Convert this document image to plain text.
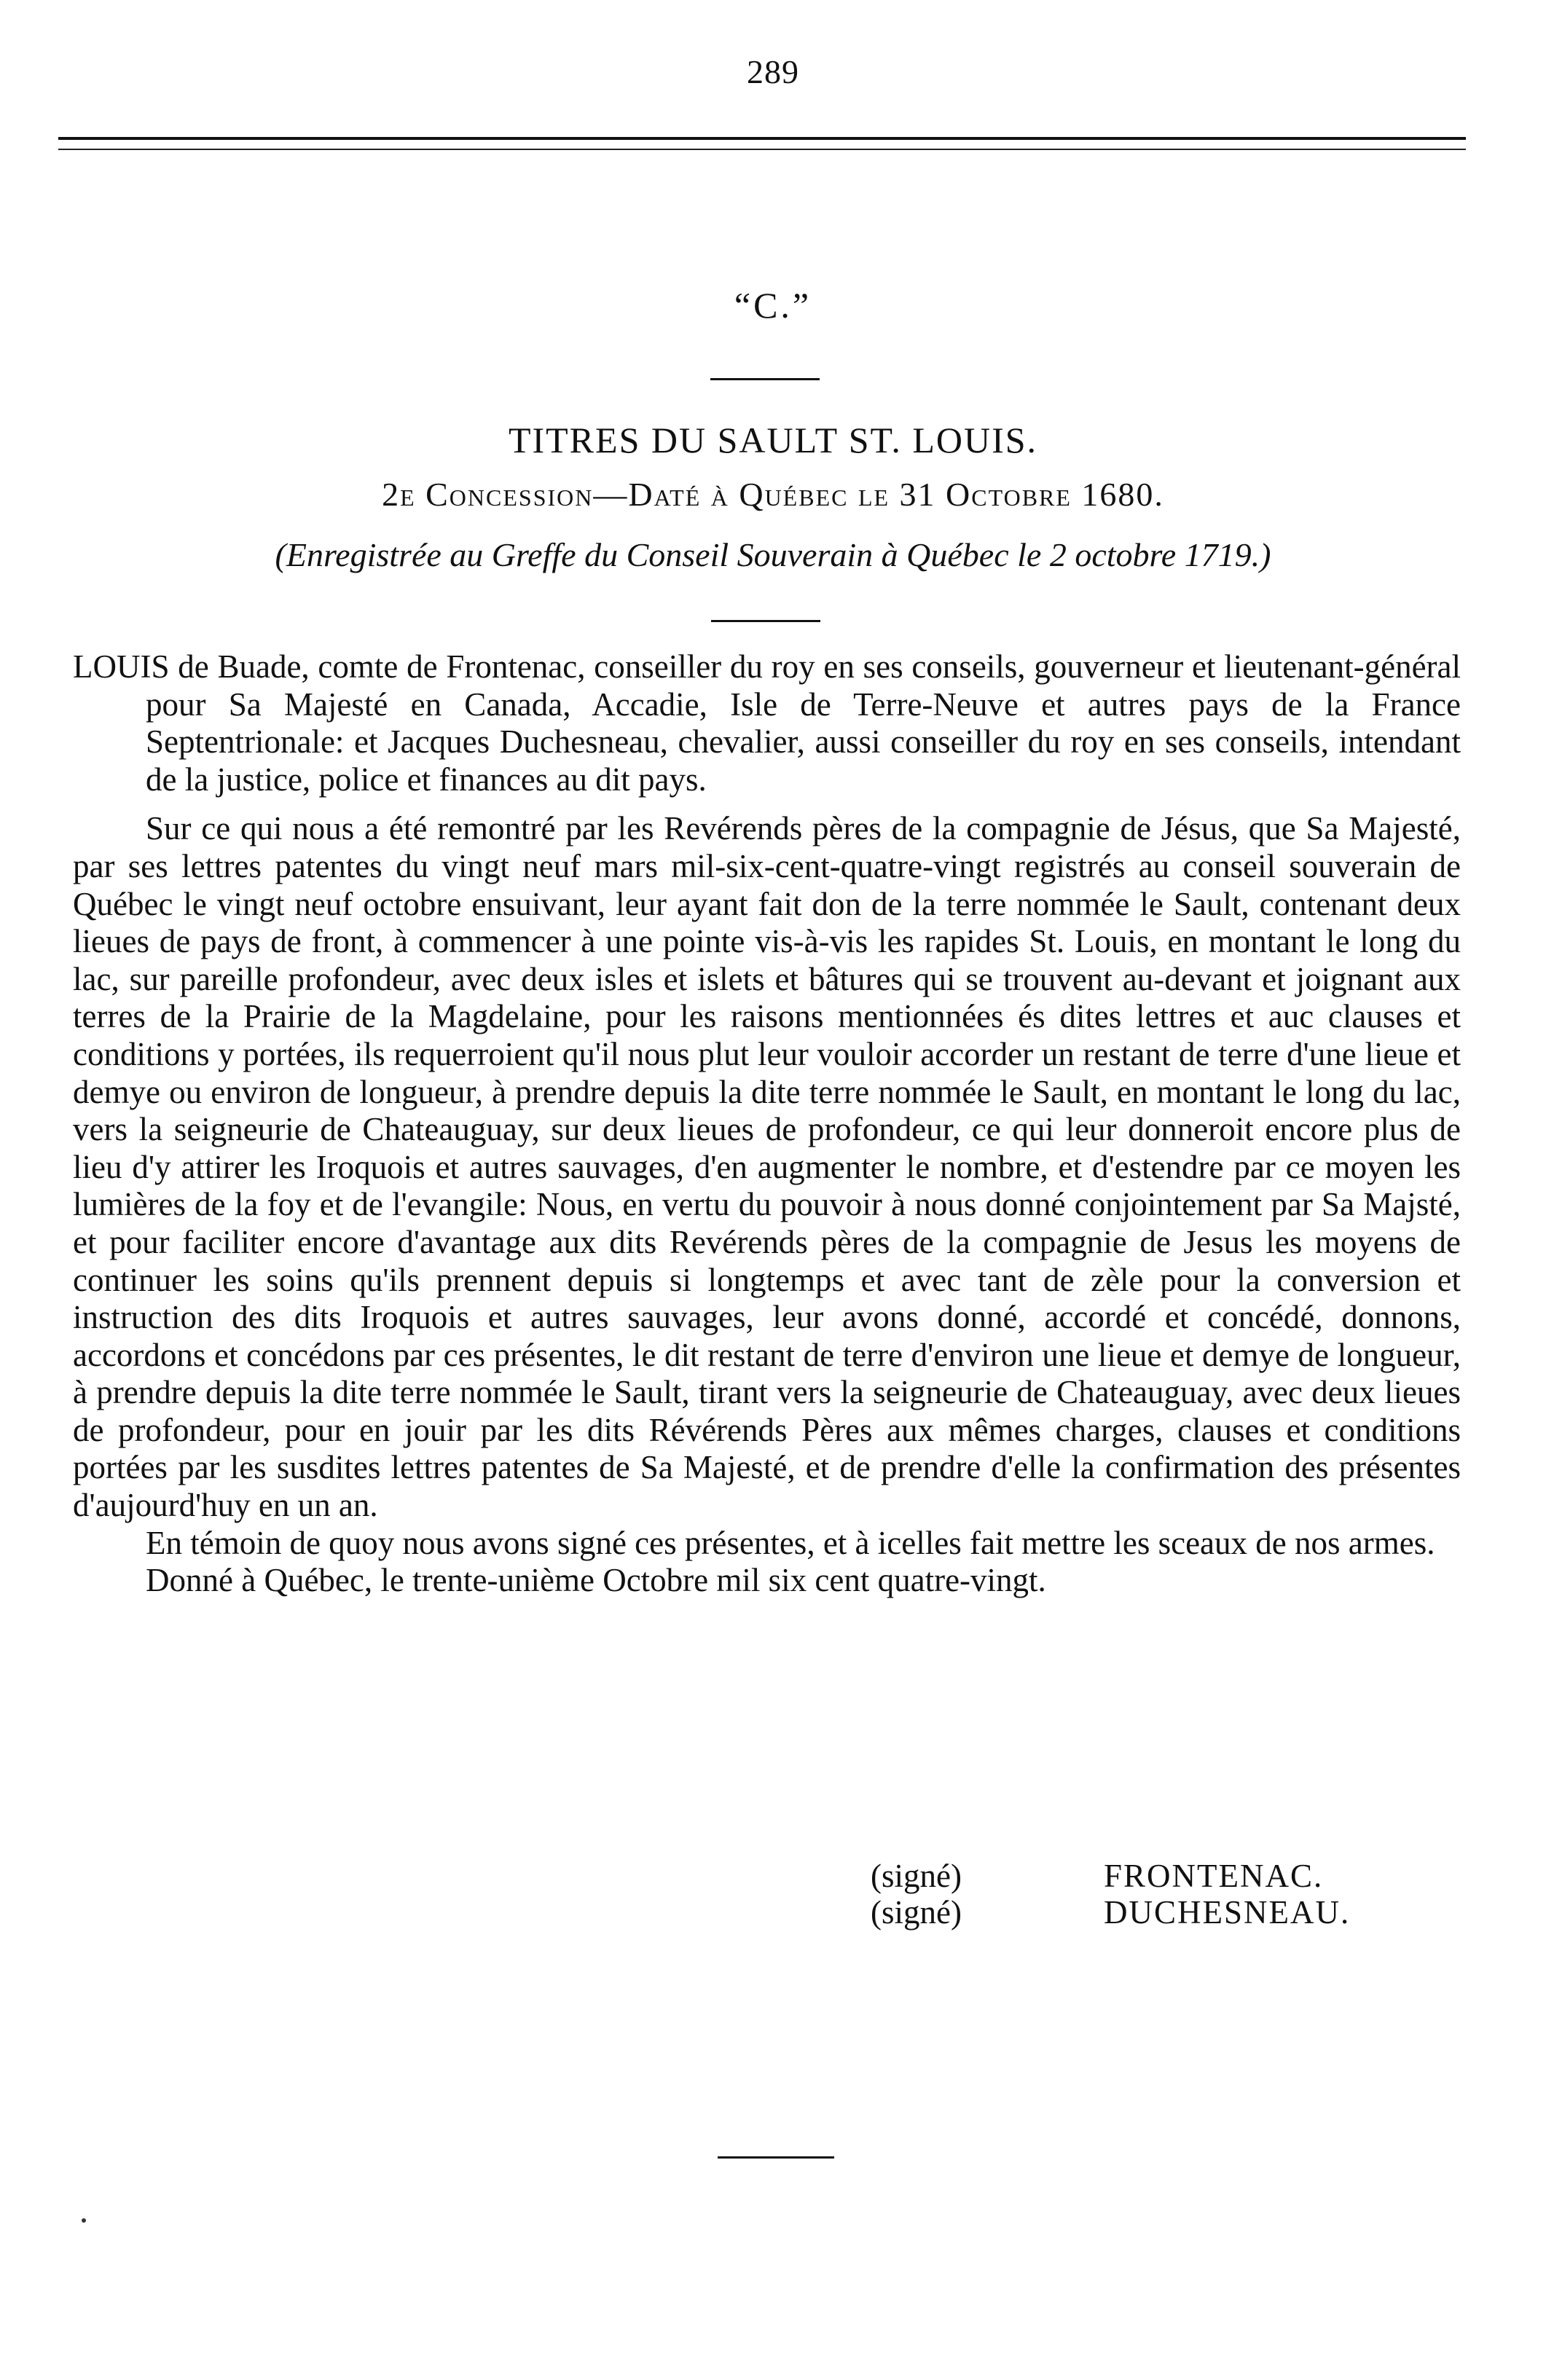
289
“C.”
TITRES DU SAULT ST. LOUIS.
2e Concession—Daté à Québec le 31 Octobre 1680.
(Enregistrée au Greffe du Conseil Souverain à Québec le 2 octobre 1719.)

LOUIS de Buade, comte de Frontenac, conseiller du roy en ses conseils, gouverneur et lieutenant-général pour Sa Majesté en Canada, Accadie, Isle de Terre-Neuve et autres pays de la France Septentrionale: et Jacques Duchesneau, chevalier, aussi conseiller du roy en ses conseils, intendant de la justice, police et finances au dit pays.

Sur ce qui nous a été remontré par les Revérends pères de la compagnie de Jésus, que Sa Majesté, par ses lettres patentes du vingt neuf mars mil-six-cent-quatre-vingt registrés au conseil souverain de Québec le vingt neuf octobre ensuivant, leur ayant fait don de la terre nommée le Sault, contenant deux lieues de pays de front, à commencer à une pointe vis-à-vis les rapides St. Louis, en montant le long du lac, sur pareille profondeur, avec deux isles et islets et bâtures qui se trouvent au-devant et joignant aux terres de la Prairie de la Magdelaine, pour les raisons mentionnées és dites lettres et auc clauses et conditions y portées, ils requerroient qu'il nous plut leur vouloir accorder un restant de terre d'une lieue et demye ou environ de longueur, à prendre depuis la dite terre nommée le Sault, en montant le long du lac, vers la seigneurie de Chateauguay, sur deux lieues de profondeur, ce qui leur donneroit encore plus de lieu d'y attirer les Iroquois et autres sauvages, d'en augmenter le nombre, et d'estendre par ce moyen les lumières de la foy et de l'evangile: Nous, en vertu du pouvoir à nous donné conjointement par Sa Majsté, et pour faciliter encore d'avantage aux dits Revérends pères de la compagnie de Jesus les moyens de continuer les soins qu'ils prennent depuis si longtemps et avec tant de zèle pour la conversion et instruction des dits Iroquois et autres sauvages, leur avons donné, accordé et concédé, donnons, accordons et concédons par ces présentes, le dit restant de terre d'environ une lieue et demye de longueur, à prendre depuis la dite terre nommée le Sault, tirant vers la seigneurie de Chateauguay, avec deux lieues de profondeur, pour en jouir par les dits Révérends Pères aux mêmes charges, clauses et conditions portées par les susdites lettres patentes de Sa Majesté, et de prendre d'elle la confirmation des présentes d'aujourd'huy en un an.

En témoin de quoy nous avons signé ces présentes, et à icelles fait mettre les sceaux de nos armes.

Donné à Québec, le trente-unième Octobre mil six cent quatre-vingt.

(signé)	FRONTENAC.
(signé)	DUCHESNEAU.
